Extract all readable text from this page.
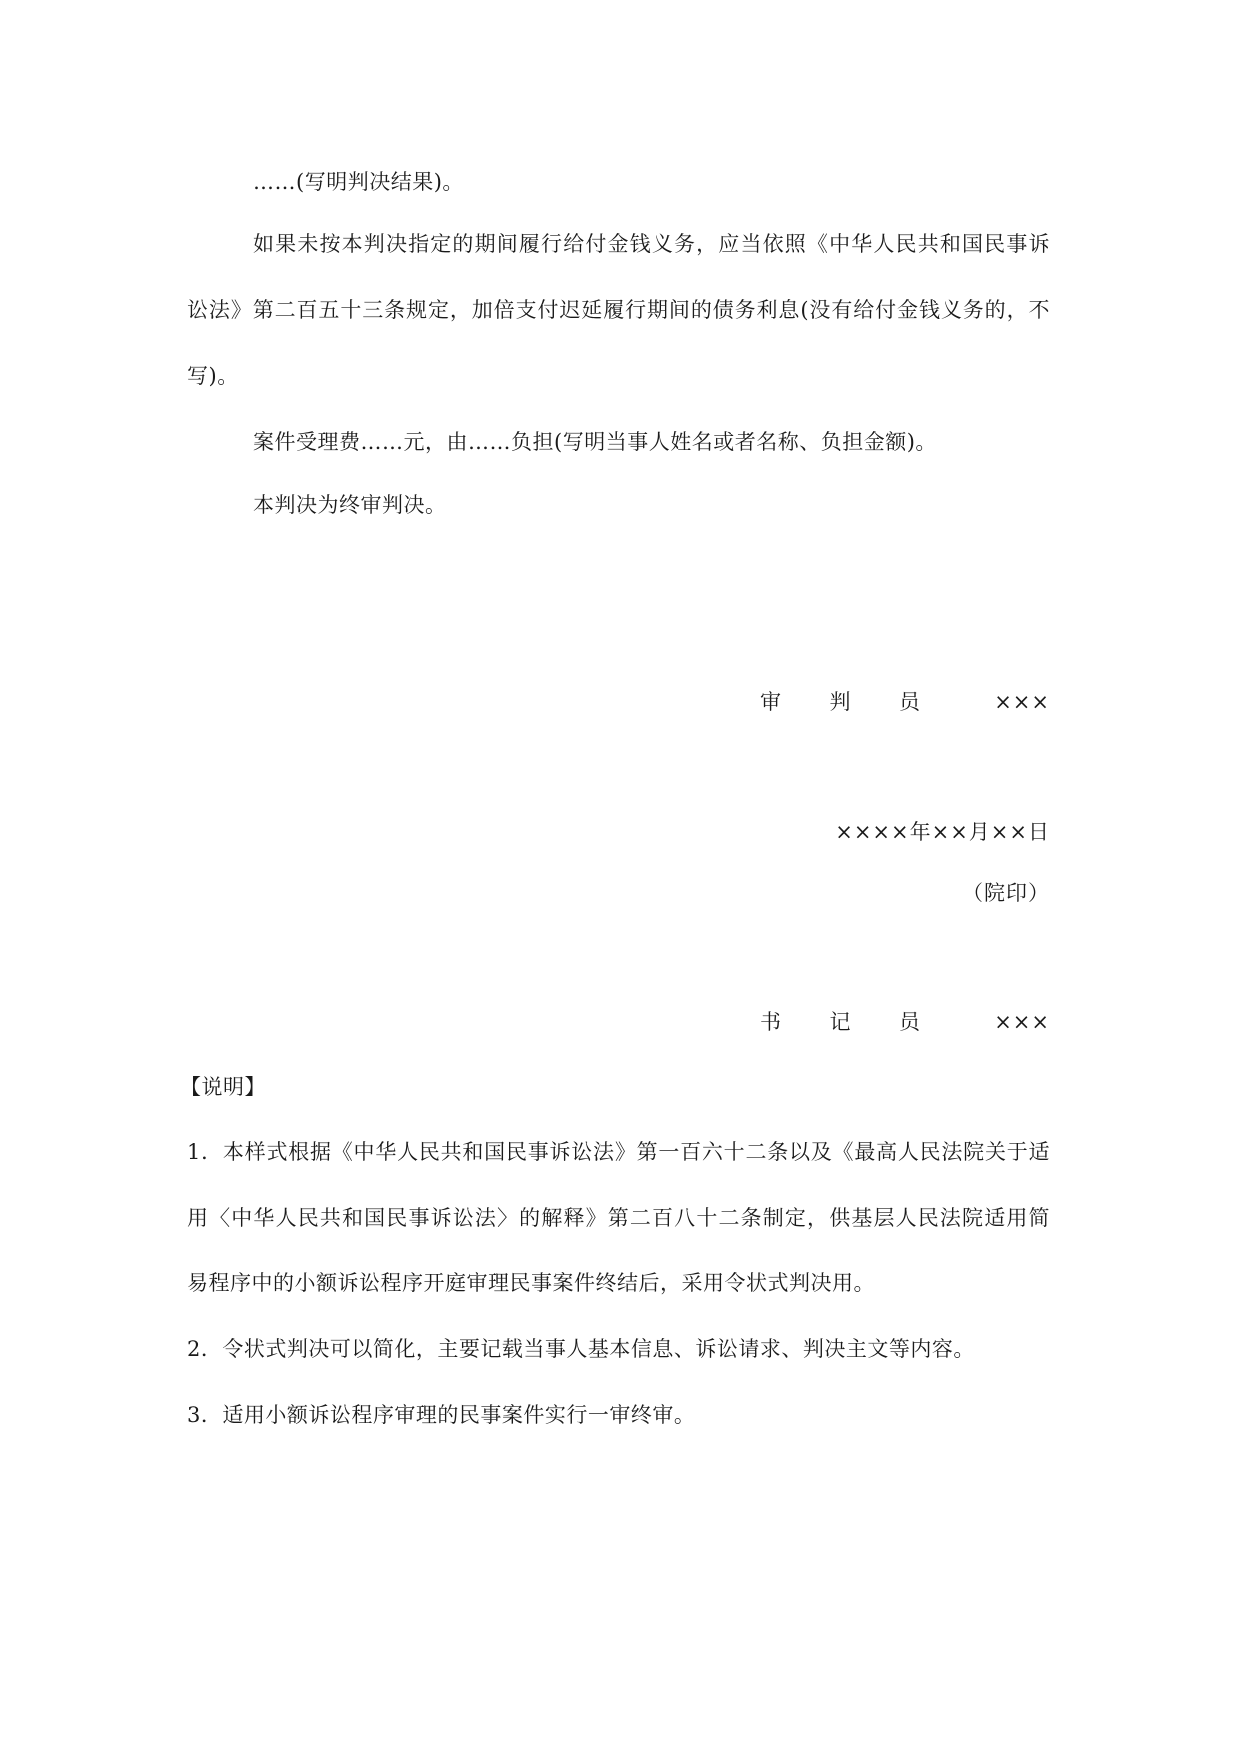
……(写明判决结果)。
如果未按本判决指定的期间履行给付金钱义务，应当依照《中华人民共和国民事诉
讼法》第二百五十三条规定，加倍支付迟延履行期间的债务利息(没有给付金钱义务的，不
写)。
案件受理费……元，由……负担(写明当事人姓名或者名称、负担金额)。
本判决为终审判决。
审 判 员	×××
××××年××月××日
（院印）
书 记 员	×××
【说明】
1．本样式根据《中华人民共和国民事诉讼法》第一百六十二条以及《最高人民法院关于适
用〈中华人民共和国民事诉讼法〉的解释》第二百八十二条制定，供基层人民法院适用简
易程序中的小额诉讼程序开庭审理民事案件终结后，采用令状式判决用。
2．令状式判决可以简化，主要记载当事人基本信息、诉讼请求、判决主文等内容。
3．适用小额诉讼程序审理的民事案件实行一审终审。
